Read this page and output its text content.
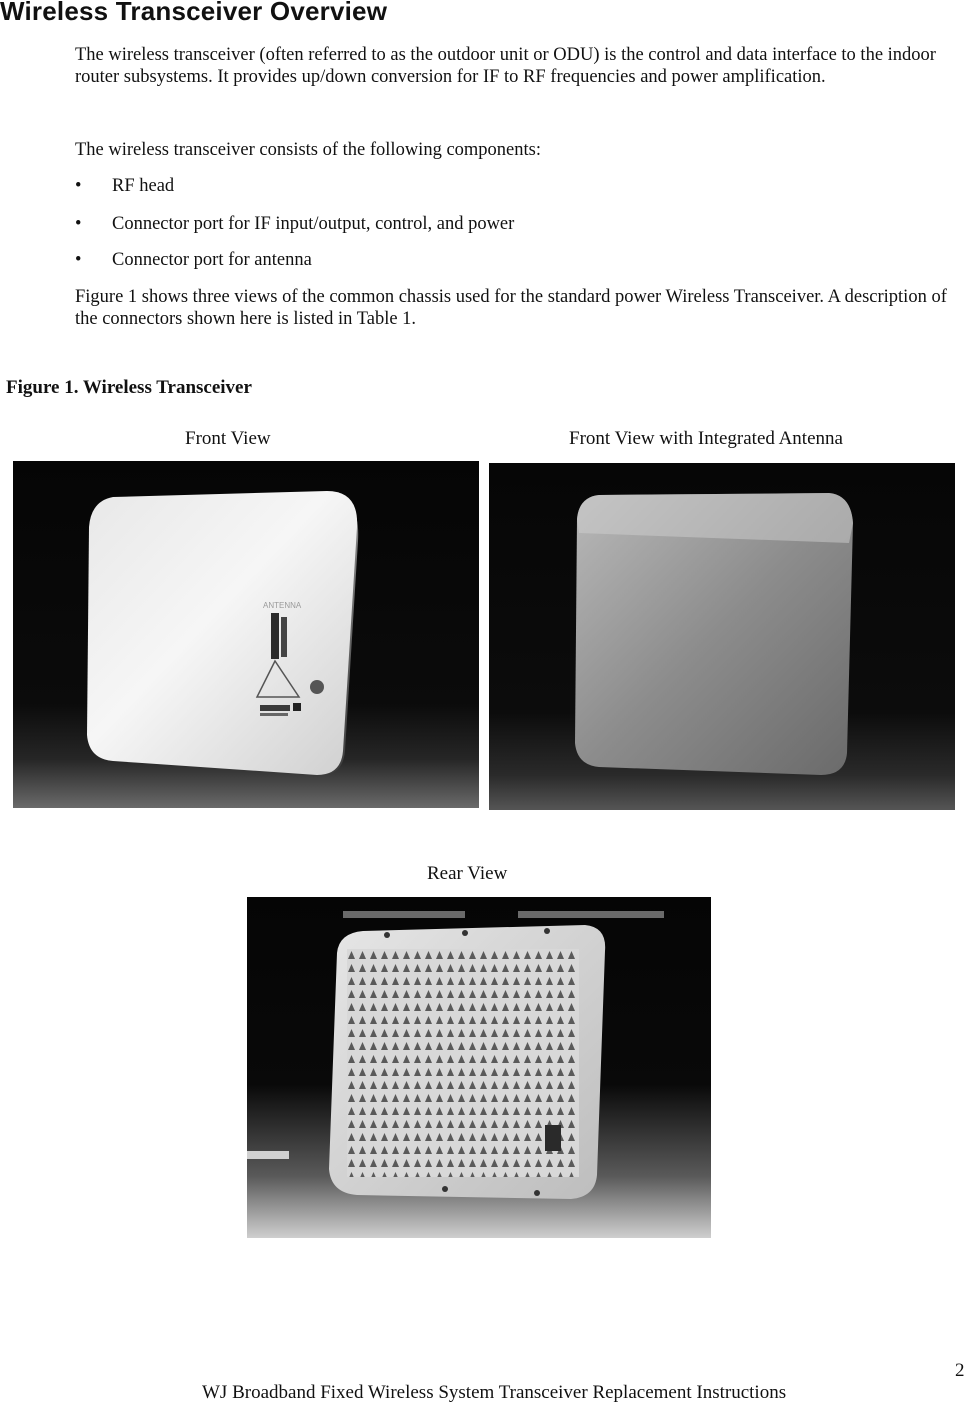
Wireless Transceiver Overview
The wireless transceiver (often referred to as the outdoor unit or ODU) is the control and data interface to the indoor router subsystems. It provides up/down conversion for IF to RF frequencies and power amplification.
The wireless transceiver consists of the following components:
• RF head
• Connector port for IF input/output, control, and power
• Connector port for antenna
Figure 1 shows three views of the common chassis used for the standard power Wireless Transceiver. A description of the connectors shown here is listed in Table 1.
Figure 1. Wireless Transceiver
Front View	Front View with Integrated Antenna
ANTENNA
Rear View
2
WJ Broadband Fixed Wireless System Transceiver Replacement Instructions
